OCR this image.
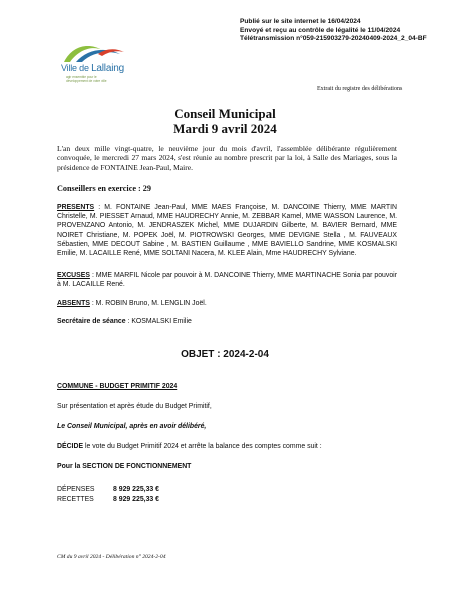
Publié sur le site internet le 16/04/2024
Envoyé et reçu au contrôle de légalité le 11/04/2024
Télétransmission n°059-215903279-20240409-2024_2_04-BF
Ville de Lallaing
agir ensemble pour le
développement de votre ville
Extrait du registre des délibérations
Conseil Municipal
Mardi 9 avril 2024
L'an deux mille vingt-quatre, le neuvième jour du mois d'avril, l'assemblée délibérante régulièrement convoquée, le mercredi 27 mars 2024, s'est réunie au nombre prescrit par la loi, à Salle des Mariages, sous la présidence de FONTAINE Jean-Paul, Maire.
Conseillers en exercice : 29
PRESENTS : M. FONTAINE Jean-Paul, MME MAES Françoise, M. DANCOINE Thierry, MME MARTIN Christelle, M. PIESSET Arnaud, MME HAUDRECHY Annie, M. ZEBBAR Kamel, MME WASSON Laurence, M. PROVENZANO Antonio, M. JENDRASZEK Michel, MME DUJARDIN Gilberte, M. BAVIER Bernard, MME NOIRET Christiane, M. POPEK Joël, M. PIOTROWSKI Georges, MME DEVIGNE Stella , M. FAUVEAUX Sébastien, MME DECOUT Sabine , M. BASTIEN Guillaume , MME BAVIELLO Sandrine, MME KOSMALSKI Emilie, M. LACAILLE René, MME SOLTANI Nacera, M. KLEE Alain, Mme HAUDRECHY Sylviane.
EXCUSES : MME MARFIL Nicole par pouvoir à M. DANCOINE Thierry, MME MARTINACHE Sonia par pouvoir à M. LACAILLE René.
ABSENTS : M. ROBIN Bruno, M. LENGLIN Joël.
Secrétaire de séance : KOSMALSKI Emilie
OBJET : 2024-2-04
COMMUNE - BUDGET PRIMITIF 2024
Sur présentation et après étude du Budget Primitif,
Le Conseil Municipal, après en avoir délibéré,
DÉCIDE le vote du Budget Primitif 2024 et arrête la balance des comptes comme suit :
Pour la SECTION DE FONCTIONNEMENT
DÉPENSES	8 929 225,33 €
RECETTES	8 929 225,33 €
CM du 9 avril 2024 - Délibération n° 2024-2-04
